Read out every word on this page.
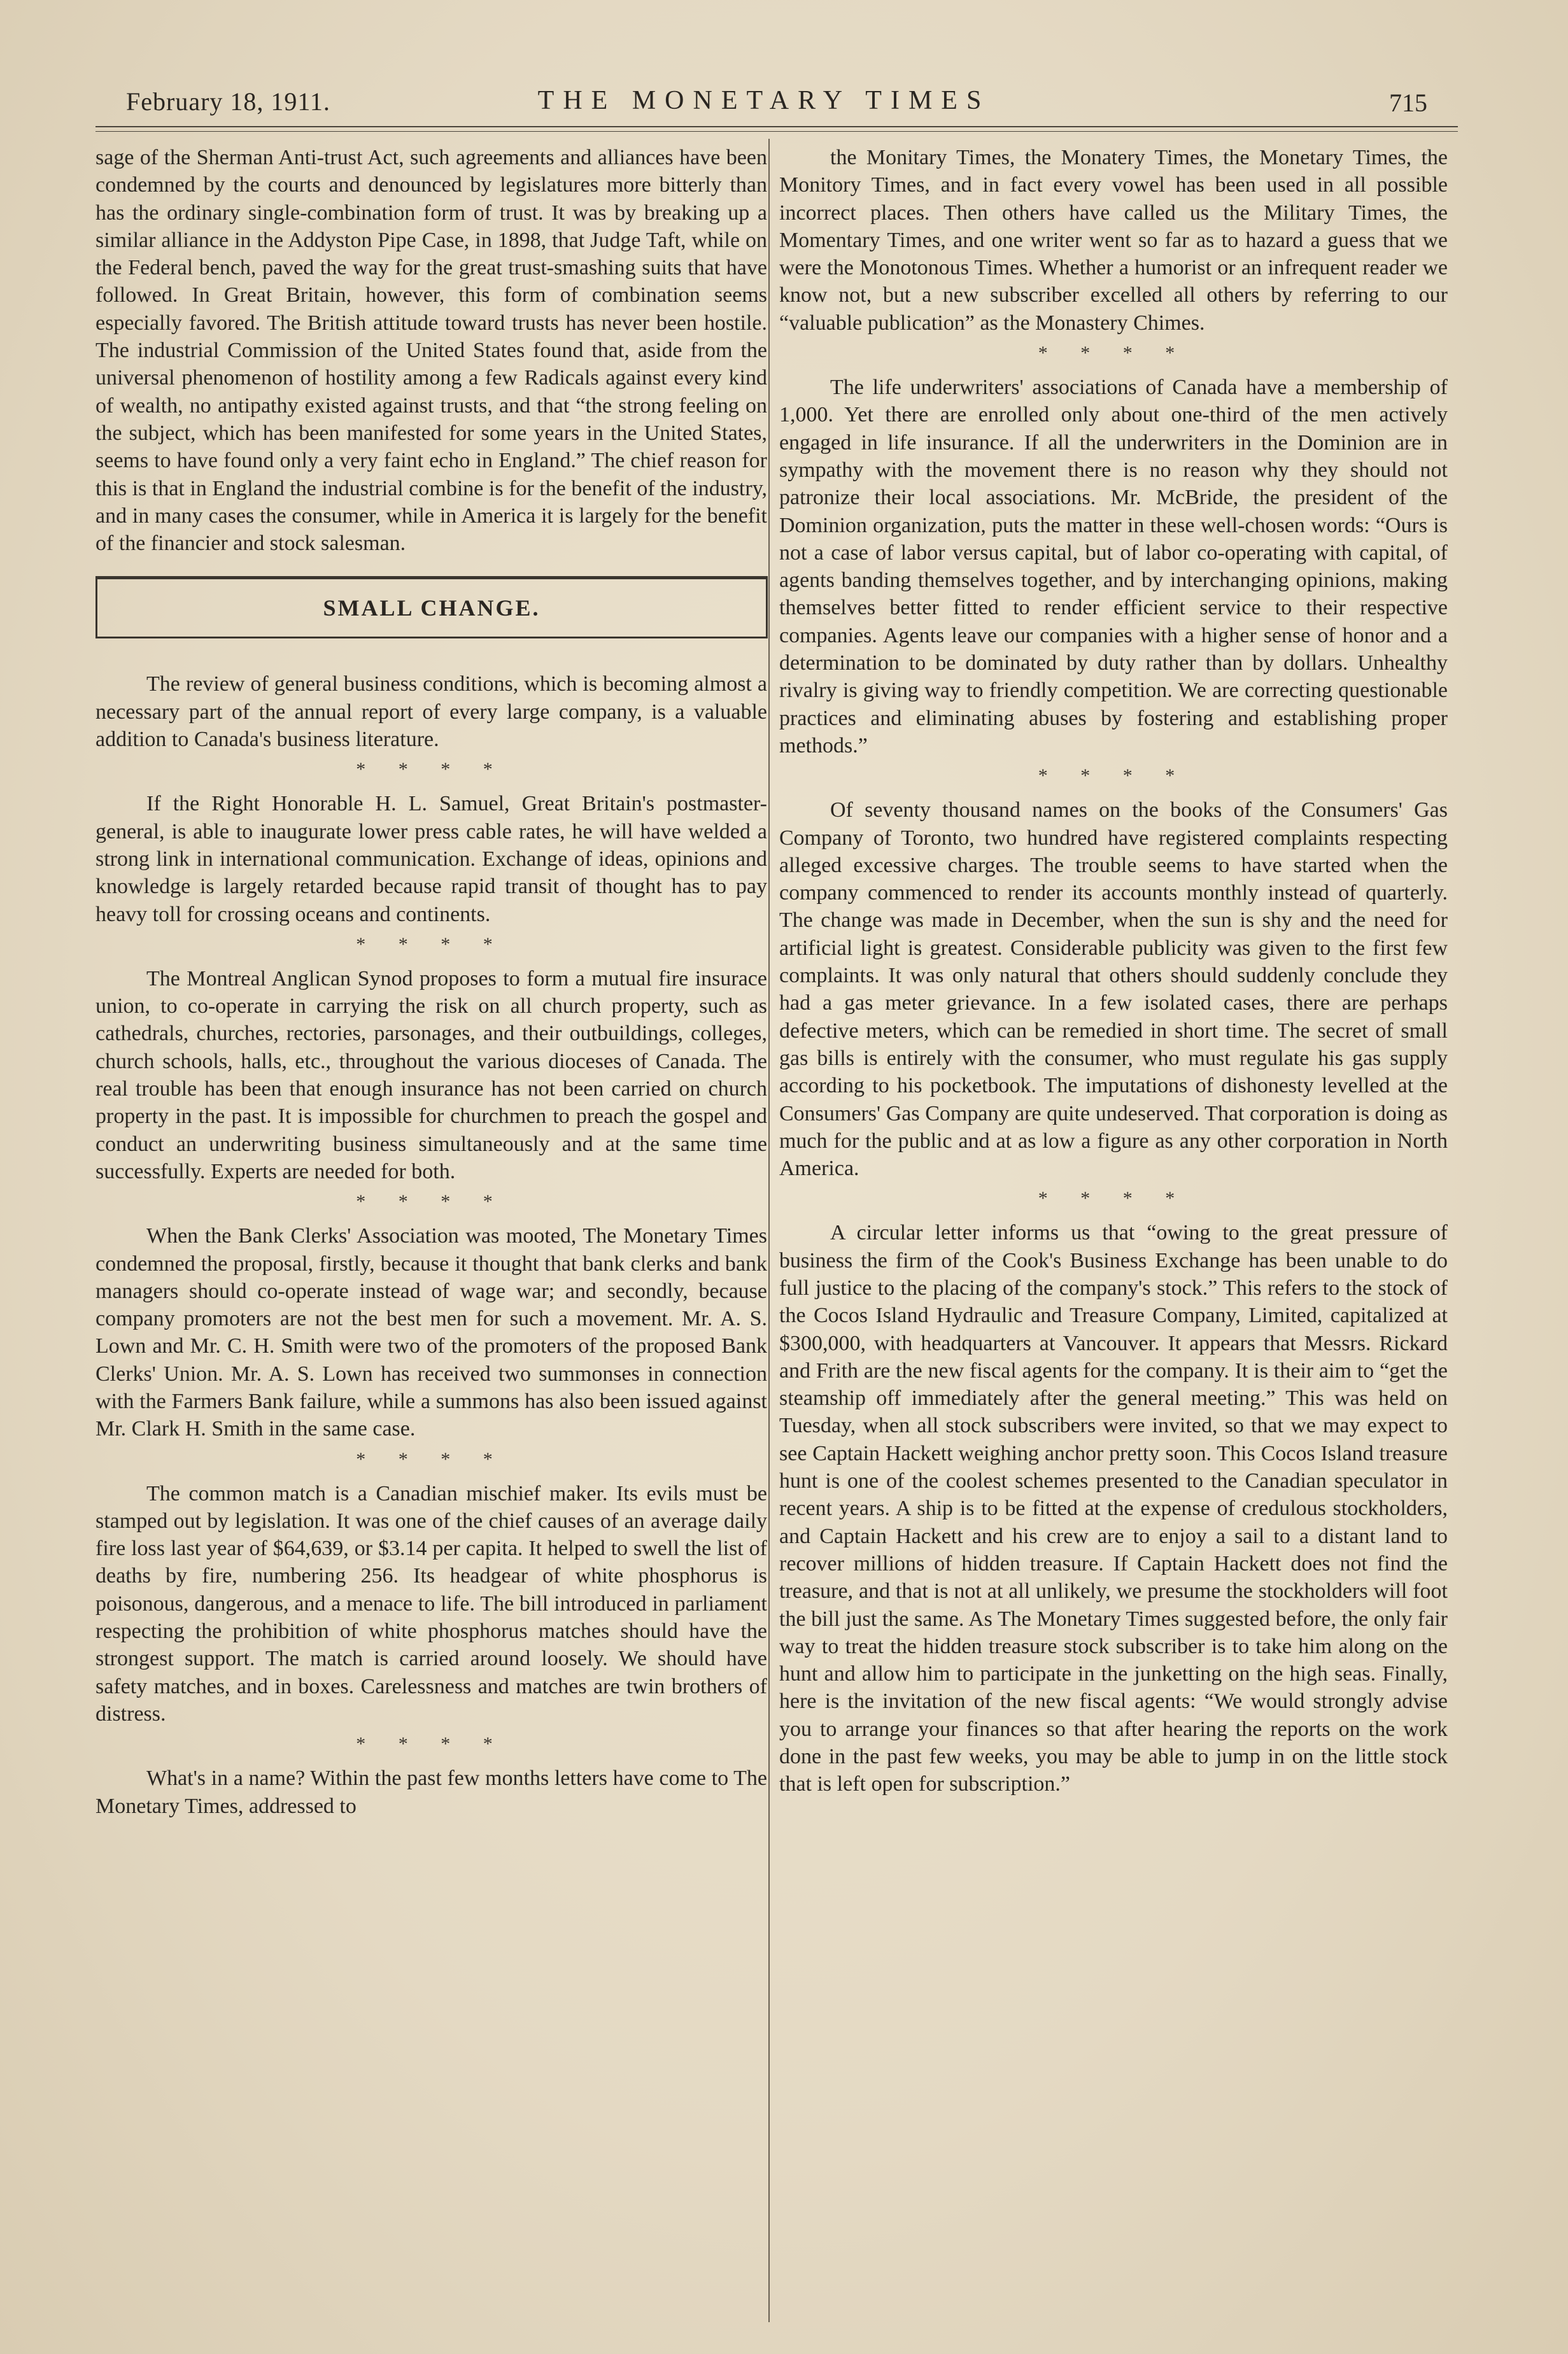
February 18, 1911.	THE MONETARY TIMES	715

sage of the Sherman Anti-trust Act, such agreements and alliances have been condemned by the courts and denounced by legislatures more bitterly than has the ordinary single-combination form of trust. It was by breaking up a similar alliance in the Addyston Pipe Case, in 1898, that Judge Taft, while on the Federal bench, paved the way for the great trust-smashing suits that have followed. In Great Britain, however, this form of combination seems especially favored. The British attitude toward trusts has never been hostile. The industrial Commission of the United States found that, aside from the universal phenomenon of hostility among a few Radicals against every kind of wealth, no antipathy existed against trusts, and that “the strong feeling on the subject, which has been manifested for some years in the United States, seems to have found only a very faint echo in England.” The chief reason for this is that in England the industrial combine is for the benefit of the industry, and in many cases the consumer, while in America it is largely for the benefit of the financier and stock salesman.

SMALL CHANGE.

The review of general business conditions, which is becoming almost a necessary part of the annual report of every large company, is a valuable addition to Canada's business literature.

* * * *

If the Right Honorable H. L. Samuel, Great Britain's postmaster-general, is able to inaugurate lower press cable rates, he will have welded a strong link in international communication. Exchange of ideas, opinions and knowledge is largely retarded because rapid transit of thought has to pay heavy toll for crossing oceans and continents.

* * * *

The Montreal Anglican Synod proposes to form a mutual fire insurace union, to co-operate in carrying the risk on all church property, such as cathedrals, churches, rectories, parsonages, and their outbuildings, colleges, church schools, halls, etc., throughout the various dioceses of Canada. The real trouble has been that enough insurance has not been carried on church property in the past. It is impossible for churchmen to preach the gospel and conduct an underwriting business simultaneously and at the same time successfully. Experts are needed for both.

* * * *

When the Bank Clerks' Association was mooted, The Monetary Times condemned the proposal, firstly, because it thought that bank clerks and bank managers should co-operate instead of wage war; and secondly, because company promoters are not the best men for such a movement. Mr. A. S. Lown and Mr. C. H. Smith were two of the promoters of the proposed Bank Clerks' Union. Mr. A. S. Lown has received two summonses in connection with the Farmers Bank failure, while a summons has also been issued against Mr. Clark H. Smith in the same case.

* * * *

The common match is a Canadian mischief maker. Its evils must be stamped out by legislation. It was one of the chief causes of an average daily fire loss last year of $64,639, or $3.14 per capita. It helped to swell the list of deaths by fire, numbering 256. Its headgear of white phosphorus is poisonous, dangerous, and a menace to life. The bill introduced in parliament respecting the prohibition of white phosphorus matches should have the strongest support. The match is carried around loosely. We should have safety matches, and in boxes. Carelessness and matches are twin brothers of distress.

* * * *

What's in a name? Within the past few months letters have come to The Monetary Times, addressed to

the Monitary Times, the Monatery Times, the Monetary Times, the Monitory Times, and in fact every vowel has been used in all possible incorrect places. Then others have called us the Military Times, the Momentary Times, and one writer went so far as to hazard a guess that we were the Monotonous Times. Whether a humorist or an infrequent reader we know not, but a new subscriber excelled all others by referring to our “valuable publication” as the Monastery Chimes.

* * * *

The life underwriters' associations of Canada have a membership of 1,000. Yet there are enrolled only about one-third of the men actively engaged in life insurance. If all the underwriters in the Dominion are in sympathy with the movement there is no reason why they should not patronize their local associations. Mr. McBride, the president of the Dominion organization, puts the matter in these well-chosen words: “Ours is not a case of labor versus capital, but of labor co-operating with capital, of agents banding themselves together, and by interchanging opinions, making themselves better fitted to render efficient service to their respective companies. Agents leave our companies with a higher sense of honor and a determination to be dominated by duty rather than by dollars. Unhealthy rivalry is giving way to friendly competition. We are correcting questionable practices and eliminating abuses by fostering and establishing proper methods.”

* * * *

Of seventy thousand names on the books of the Consumers' Gas Company of Toronto, two hundred have registered complaints respecting alleged excessive charges. The trouble seems to have started when the company commenced to render its accounts monthly instead of quarterly. The change was made in December, when the sun is shy and the need for artificial light is greatest. Considerable publicity was given to the first few complaints. It was only natural that others should suddenly conclude they had a gas meter grievance. In a few isolated cases, there are perhaps defective meters, which can be remedied in short time. The secret of small gas bills is entirely with the consumer, who must regulate his gas supply according to his pocketbook. The imputations of dishonesty levelled at the Consumers' Gas Company are quite undeserved. That corporation is doing as much for the public and at as low a figure as any other corporation in North America.

* * * *

A circular letter informs us that “owing to the great pressure of business the firm of the Cook's Business Exchange has been unable to do full justice to the placing of the company's stock.” This refers to the stock of the Cocos Island Hydraulic and Treasure Company, Limited, capitalized at $300,000, with headquarters at Vancouver. It appears that Messrs. Rickard and Frith are the new fiscal agents for the company. It is their aim to “get the steamship off immediately after the general meeting.” This was held on Tuesday, when all stock subscribers were invited, so that we may expect to see Captain Hackett weighing anchor pretty soon. This Cocos Island treasure hunt is one of the coolest schemes presented to the Canadian speculator in recent years. A ship is to be fitted at the expense of credulous stockholders, and Captain Hackett and his crew are to enjoy a sail to a distant land to recover millions of hidden treasure. If Captain Hackett does not find the treasure, and that is not at all unlikely, we presume the stockholders will foot the bill just the same. As The Monetary Times suggested before, the only fair way to treat the hidden treasure stock subscriber is to take him along on the hunt and allow him to participate in the junketting on the high seas. Finally, here is the invitation of the new fiscal agents: “We would strongly advise you to arrange your finances so that after hearing the reports on the work done in the past few weeks, you may be able to jump in on the little stock that is left open for subscription.”
